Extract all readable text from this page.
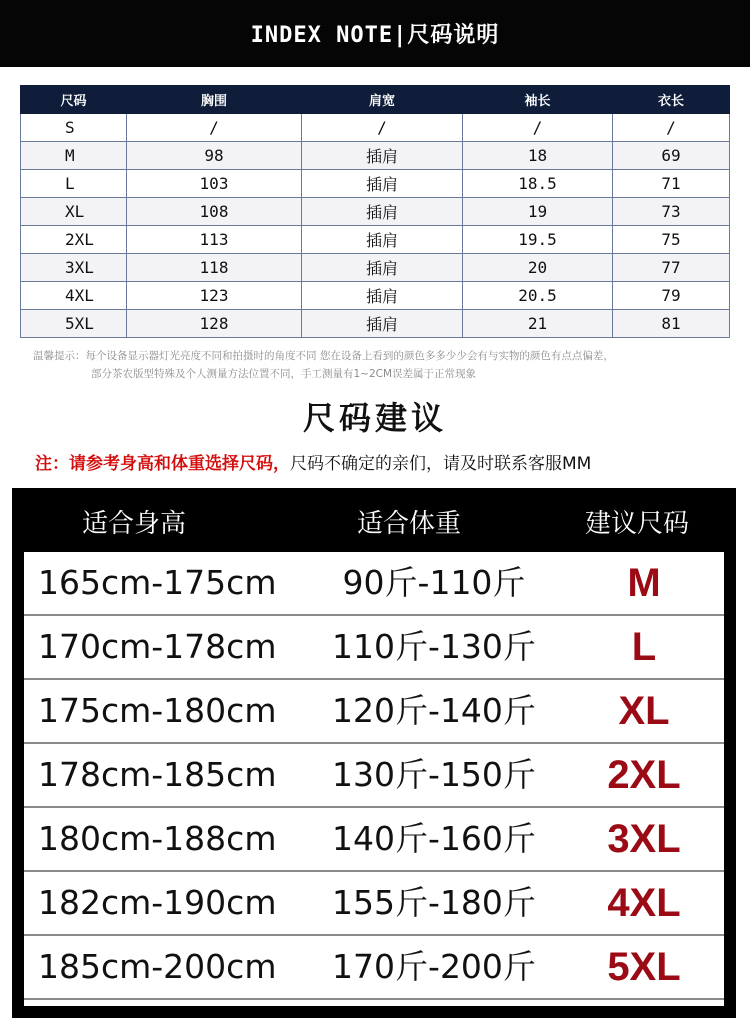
INDEX NOTE|尺码说明
尺码	胸围	肩宽	袖长	衣长
S	/	/	/	/
M	98	插肩	18	69
L	103	插肩	18.5	71
XL	108	插肩	19	73
2XL	113	插肩	19.5	75
3XL	118	插肩	20	77
4XL	123	插肩	20.5	79
5XL	128	插肩	21	81
温馨提示：每个设备显示器灯光亮度不同和拍摄时的角度不同 您在设备上看到的颜色多多少少会有与实物的颜色有点点偏差，
部分茶农版型特殊及个人测量方法位置不同，手工测量有1~2CM误差属于正常现象
尺码建议
注：请参考身高和体重选择尺码，尺码不确定的亲们，请及时联系客服MM
适合身高	适合体重	建议尺码
165cm-175cm	90斤-110斤	M
170cm-178cm	110斤-130斤	L
175cm-180cm	120斤-140斤	XL
178cm-185cm	130斤-150斤	2XL
180cm-188cm	140斤-160斤	3XL
182cm-190cm	155斤-180斤	4XL
185cm-200cm	170斤-200斤	5XL
